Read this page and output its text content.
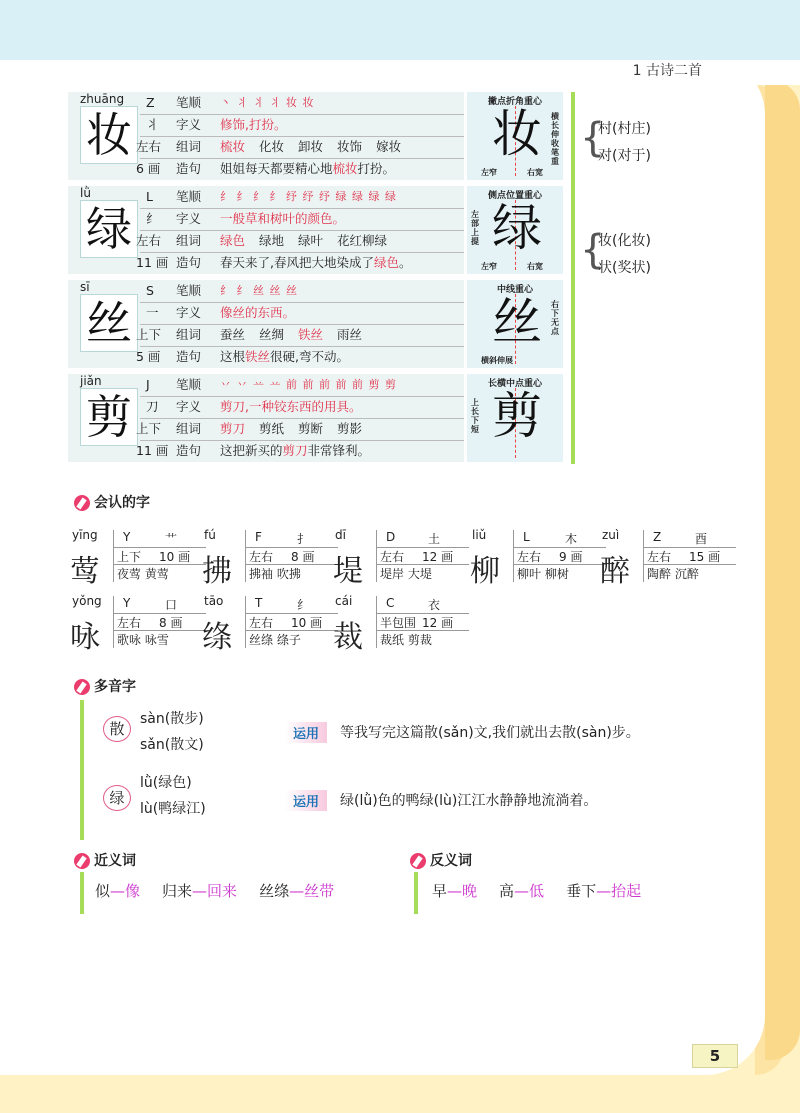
1 古诗二首
zhuāng
妆
Z 笔顺 丶 丬 丬 丬 妆 妆
丬 字义 修饰,打扮。
左右 组词 梳妆 化妆 卸妆 妆饰 嫁妆
6 画 造句 姐姐每天都要精心地梳妆打扮。
撇点折角重心
妆
左窄	右宽
横长伸收笔重
lǜ
绿
L 笔顺 纟 纟 纟 纟 纾 纾 纾 绿 绿 绿 绿
纟 字义 一般草和树叶的颜色。
左右 组词 绿色 绿地 绿叶 花红柳绿
11 画 造句 春天来了,春风把大地染成了绿色。
侧点位置重心
绿
左窄	右宽
左部上提
sī
丝
S 笔顺 纟 纟 丝 丝 丝
一 字义 像丝的东西。
上下 组词 蚕丝 丝绸 铁丝 雨丝
5 画 造句 这根铁丝很硬,弯不动。
中线重心
丝
横斜伸展
右下无点
jiǎn
剪
J 笔顺 丷 丷 䒑 䒑 前 前 前 前 前 剪 剪
刀 字义 剪刀,一种铰东西的用具。
上下 组词 剪刀 剪纸 剪断 剪影
11 画 造句 这把新买的剪刀非常锋利。
长横中点重心
剪
上长下短
{
村(村庄)
对(对于)
{
妆(化妆)
状(奖状)
会认的字
yīng
莺
Y	艹
上下 10 画
夜莺 黄莺
fú
拂
F	扌
左右 8 画
拂袖 吹拂
dī
堤
D	土
左右 12 画
堤岸 大堤
liǔ
柳
L	木
左右 9 画
柳叶 柳树
zuì
醉
Z	酉
左右 15 画
陶醉 沉醉
yǒng
咏
Y	口
左右 8 画
歌咏 咏雪
tāo
绦
T	纟
左右 10 画
丝绦 绦子
cái
裁
C	衣
半包围 12 画
裁纸 剪裁
多音字
散
sàn(散步)
sǎn(散文)
运用	等我写完这篇散(sǎn)文,我们就出去散(sàn)步。
绿
lǜ(绿色)
lù(鸭绿江)	运用	绿(lǜ)色的鸭绿(lù)江江水静静地流淌着。
近义词
似—像 归来—回来 丝绦—丝带
反义词
早—晚 高—低 垂下—抬起
5
